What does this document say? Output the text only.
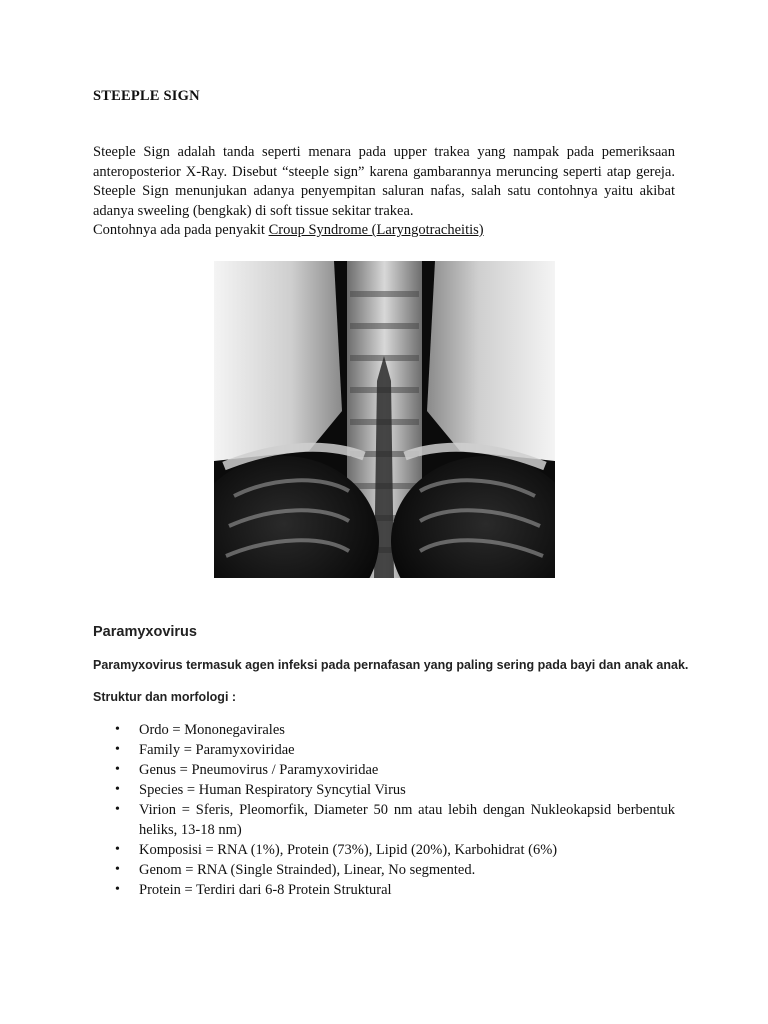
STEEPLE SIGN

Steeple Sign adalah tanda seperti menara pada upper trakea yang nampak pada pemeriksaan anteroposterior X-Ray. Disebut “steeple sign” karena gambarannya meruncing seperti atap gereja. Steeple Sign menunjukan adanya penyempitan saluran nafas, salah satu contohnya yaitu akibat adanya sweeling (bengkak) di soft tissue sekitar trakea.

Contohnya ada pada penyakit Croup Syndrome (Laryngotracheitis)

Paramyxovirus
Paramyxovirus termasuk agen infeksi pada pernafasan yang paling sering pada bayi dan anak anak.
Struktur dan morfologi :
• Ordo = Mononegavirales
• Family = Paramyxoviridae
• Genus = Pneumovirus / Paramyxoviridae
• Species = Human Respiratory Syncytial Virus
• Virion = Sferis, Pleomorfik, Diameter 50 nm atau lebih dengan Nukleokapsid berbentuk heliks, 13-18 nm)
• Komposisi = RNA (1%), Protein (73%), Lipid (20%), Karbohidrat (6%)
• Genom = RNA (Single Strainded), Linear, No segmented.
• Protein = Terdiri dari 6-8 Protein Struktural
